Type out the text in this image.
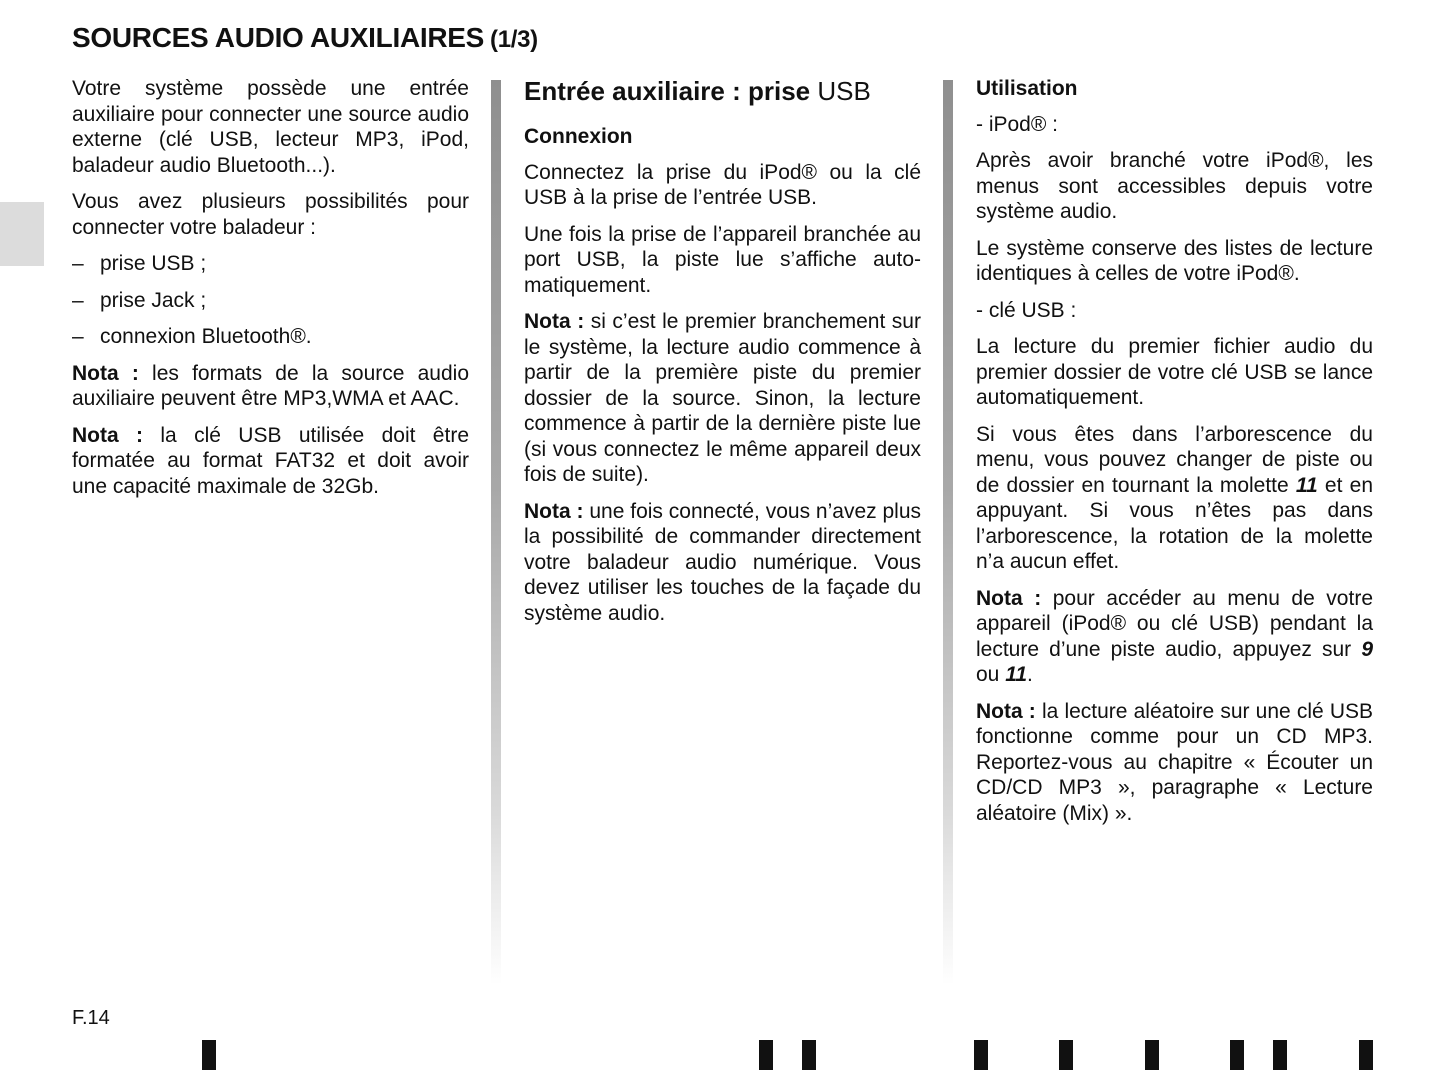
SOURCES AUDIO AUXILIAIRES (1/3)

Votre système possède une entrée auxiliaire pour connecter une source audio externe (clé USB, lecteur MP3, iPod, baladeur audio Bluetooth...).

Vous avez plusieurs possibilités pour connecter votre baladeur :

– prise USB ;
– prise Jack ;
– connexion Bluetooth®.

Nota : les formats de la source audio auxiliaire peuvent être MP3,WMA et AAC.

Nota : la clé USB utilisée doit être formatée au format FAT32 et doit avoir une capacité maximale de 32Gb.

Entrée auxiliaire : prise USB

Connexion

Connectez la prise du iPod® ou la clé USB à la prise de l’entrée USB.

Une fois la prise de l’appareil branchée au port USB, la piste lue s’affiche automatiquement.

Nota : si c’est le premier branchement sur le système, la lecture audio commence à partir de la première piste du premier dossier de la source. Sinon, la lecture commence à partir de la dernière piste lue (si vous connectez le même appareil deux fois de suite).

Nota : une fois connecté, vous n’avez plus la possibilité de commander directement votre baladeur audio numérique. Vous devez utiliser les touches de la façade du système audio.

Utilisation

- iPod® :

Après avoir branché votre iPod®, les menus sont accessibles depuis votre système audio.

Le système conserve des listes de lecture identiques à celles de votre iPod®.

- clé USB :

La lecture du premier fichier audio du premier dossier de votre clé USB se lance automatiquement.

Si vous êtes dans l’arborescence du menu, vous pouvez changer de piste ou de dossier en tournant la molette 11 et en appuyant. Si vous n’êtes pas dans l’arborescence, la rotation de la molette n’a aucun effet.

Nota : pour accéder au menu de votre appareil (iPod® ou clé USB) pendant la lecture d’une piste audio, appuyez sur 9 ou 11.

Nota : la lecture aléatoire sur une clé USB fonctionne comme pour un CD MP3. Reportez-vous au chapitre « Écouter un CD/CD MP3 », paragraphe « Lecture aléatoire (Mix) ».

F.14
